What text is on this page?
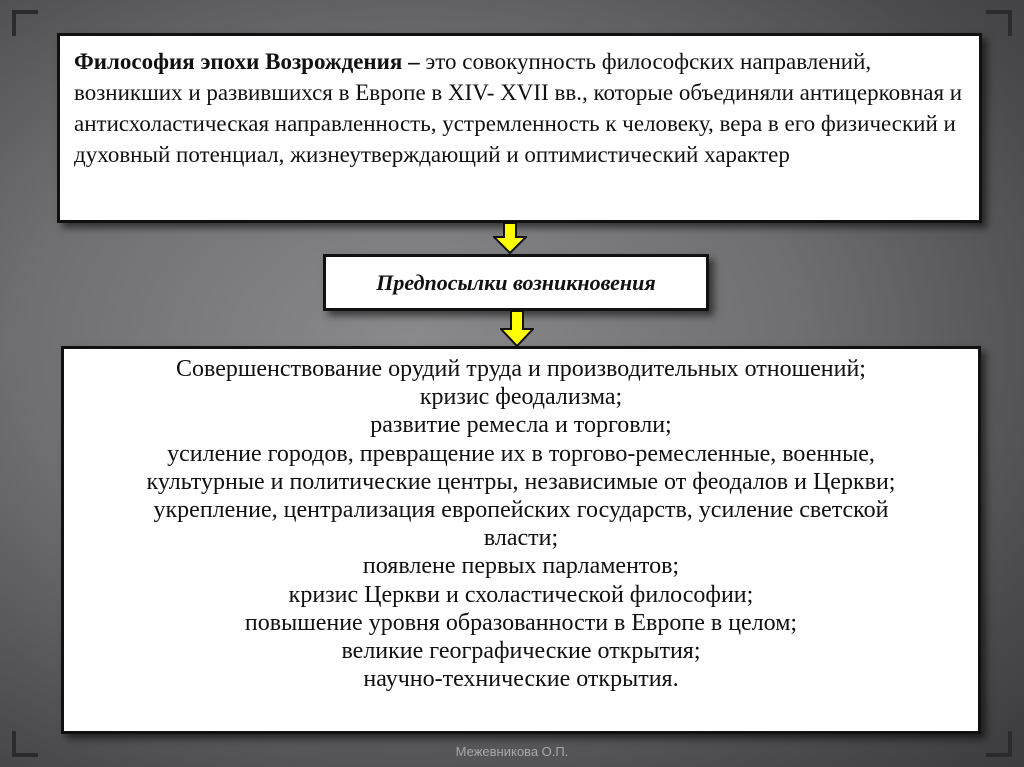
Философия эпохи Возрождения – это совокупность философских направлений, возникших и развившихся в Европе в XIV- XVII вв., которые объединяли антицерковная и антисхоластическая направленность, устремленность к человеку, вера в его физический и духовный потенциал, жизнеутверждающий и оптимистический характер

Предпосылки возникновения
Совершенствование орудий труда и производительных отношений;
кризис феодализма;
развитие ремесла и торговли;
усиление городов, превращение их в торгово-ремесленные, военные,
культурные и политические центры, независимые от феодалов и Церкви;
укрепление, централизация европейских государств, усиление светской
власти;
появлене первых парламентов;
кризис Церкви и схоластической философии;
повышение уровня образованности в Европе в целом;
великие географические открытия;
научно-технические открытия.
Межевникова О.П.
